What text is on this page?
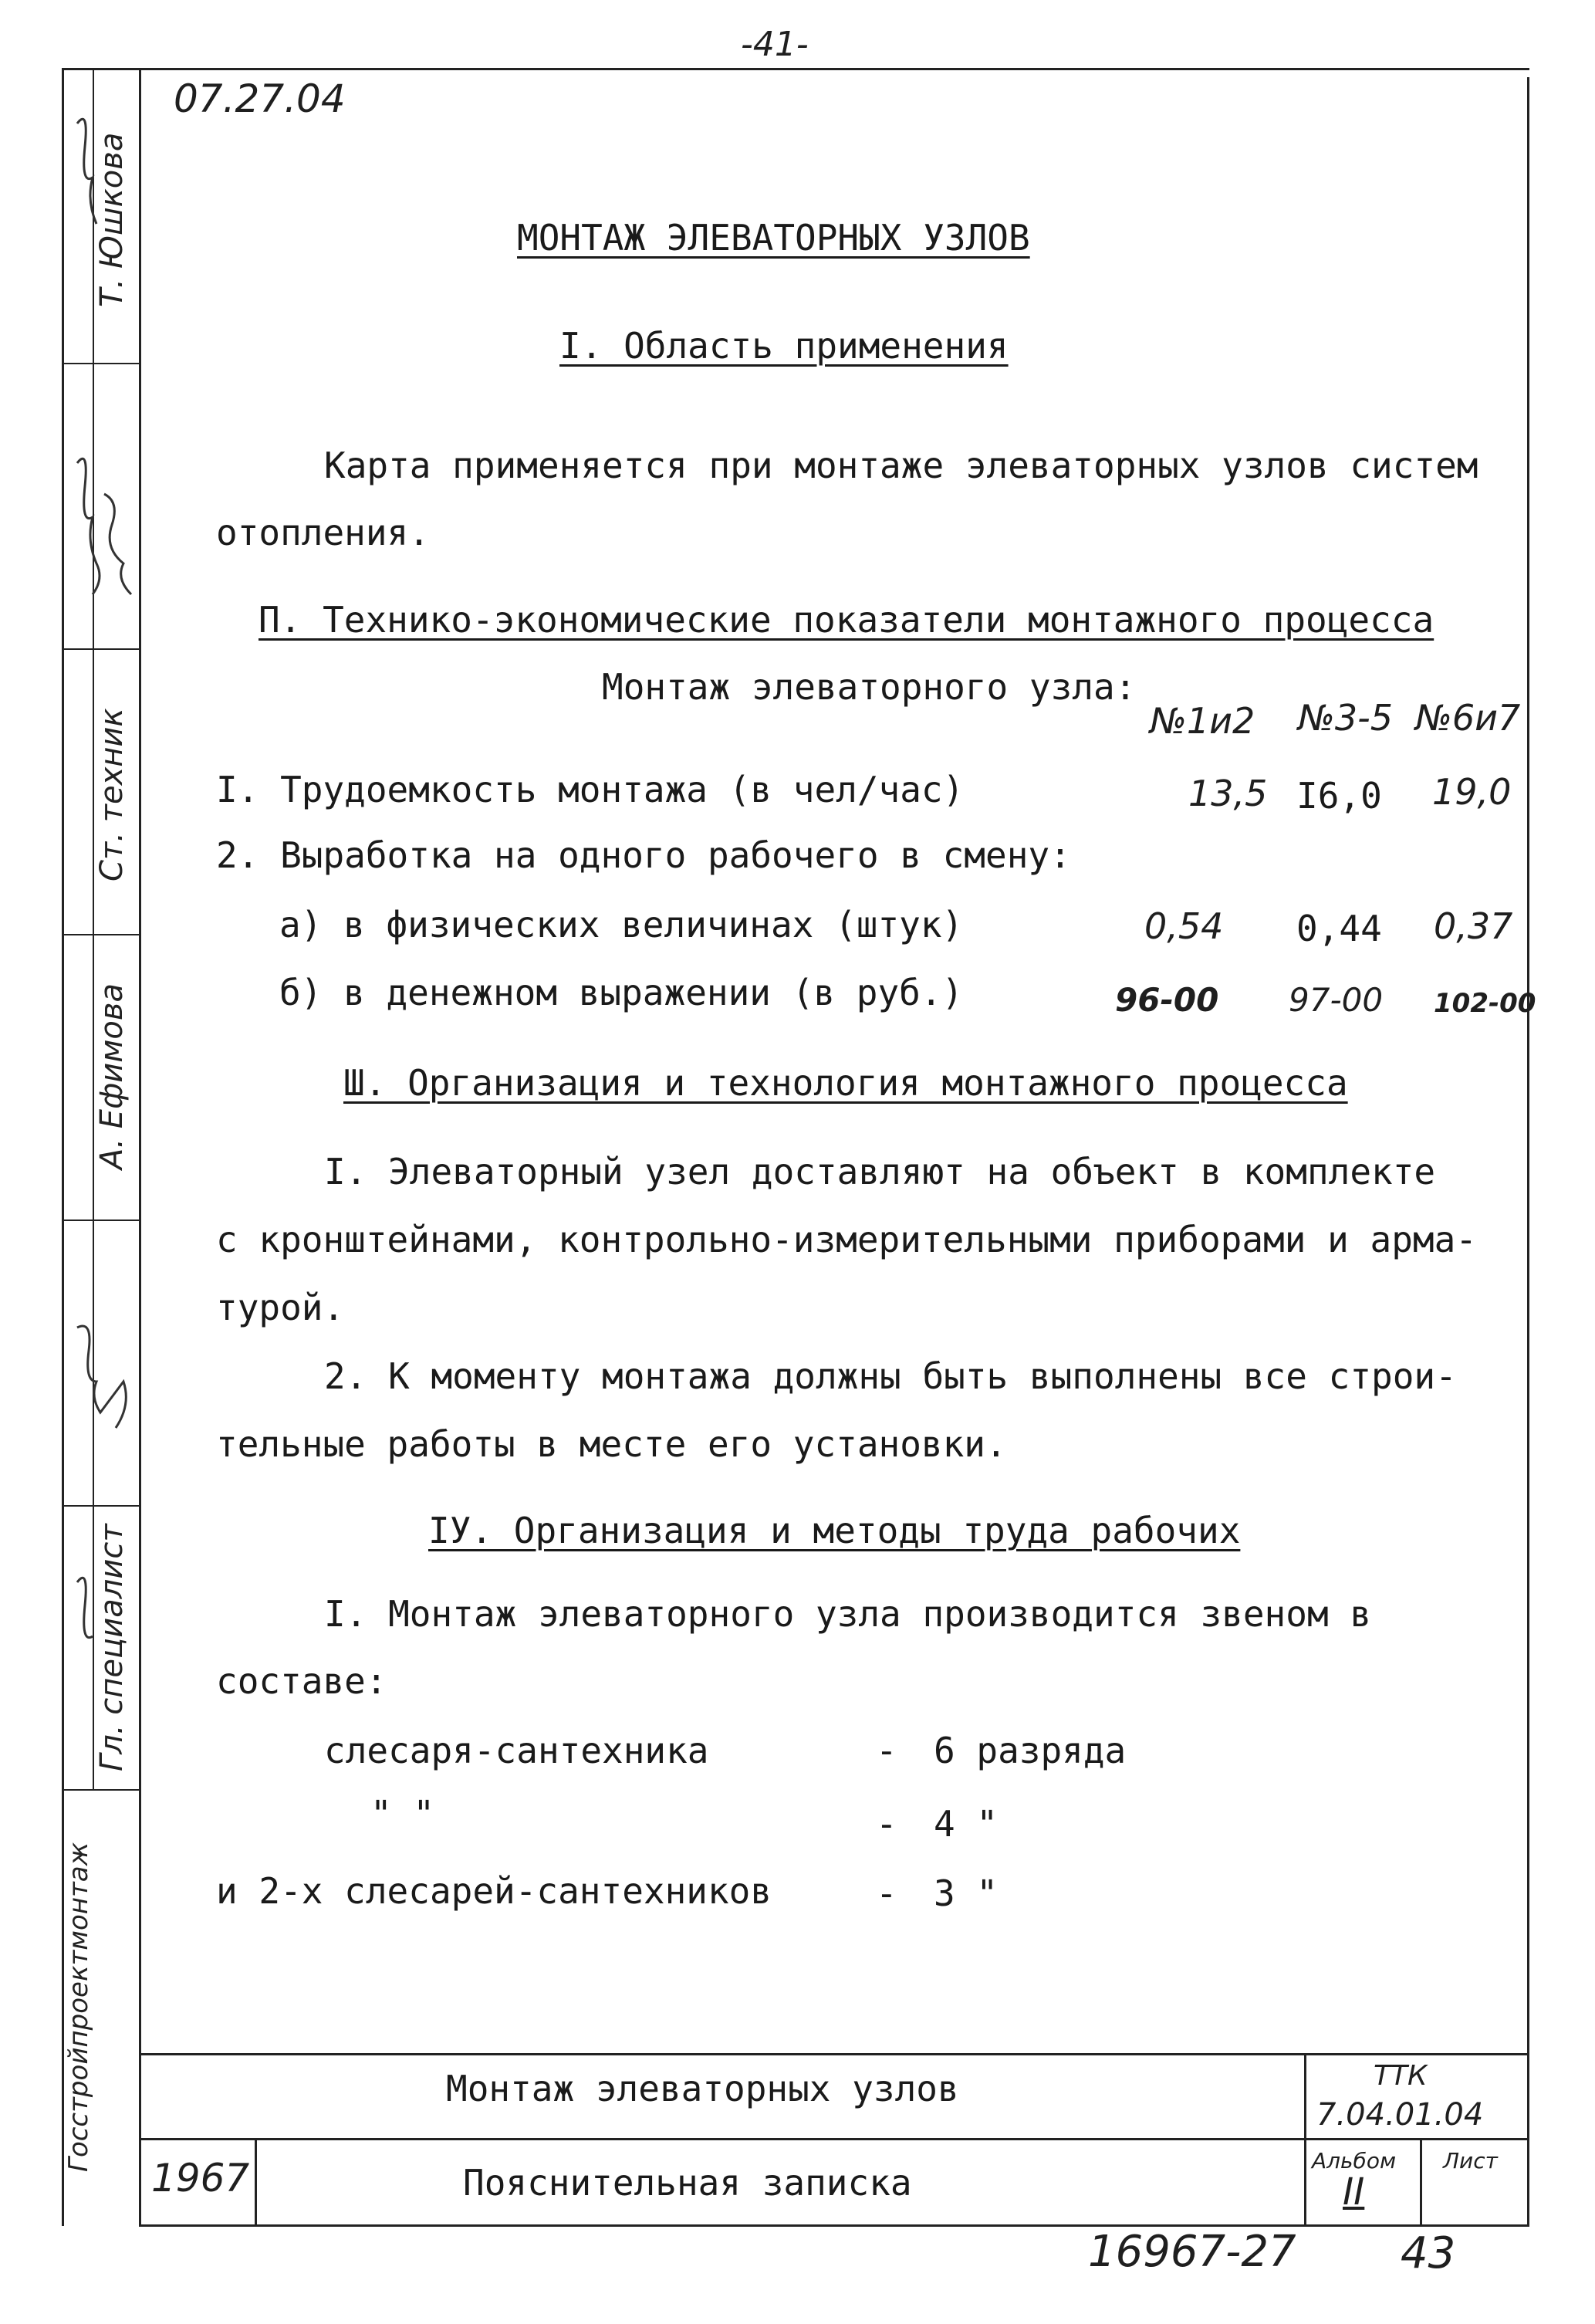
-41-
Т. Юшкова
Ст. техник
А. Ефимова
Гл. специалист
Госстройпроектмонтаж
07.27.04
МОНТАЖ ЭЛЕВАТОРНЫХ УЗЛОВ
I. Область применения
Карта применяется при монтаже элеваторных узлов систем
отопления.
П. Технико-экономические показатели монтажного процесса
Монтаж элеваторного узла:
№1и2 №3-5 №6и7
I. Трудоемкость монтажа (в чел/час)	13,5 I6,0 19,0
2. Выработка на одного рабочего в смену:
а) в физических величинах (штук)	0,54 0,44 0,37
б) в денежном выражении (в руб.)	96-00 97-00 102-00
Ш. Организация и технология монтажного процесса
I. Элеваторный узел доставляют на объект в комплекте
с кронштейнами, контрольно-измерительными приборами и арма-
турой.
2. К моменту монтажа должны быть выполнены все строи-
тельные работы в месте его установки.
IУ. Организация и методы труда рабочих
I. Монтаж элеваторного узла производится звеном в
составе:
слесаря-сантехника	- 6 разряда
" "	- 4 "
и 2-х слесарей-сантехников	- 3 "
Монтаж элеваторных узлов
Пояснительная записка
1967
ТТК
7.04.01.04
Альбом
II
Лист
16967-27 43
